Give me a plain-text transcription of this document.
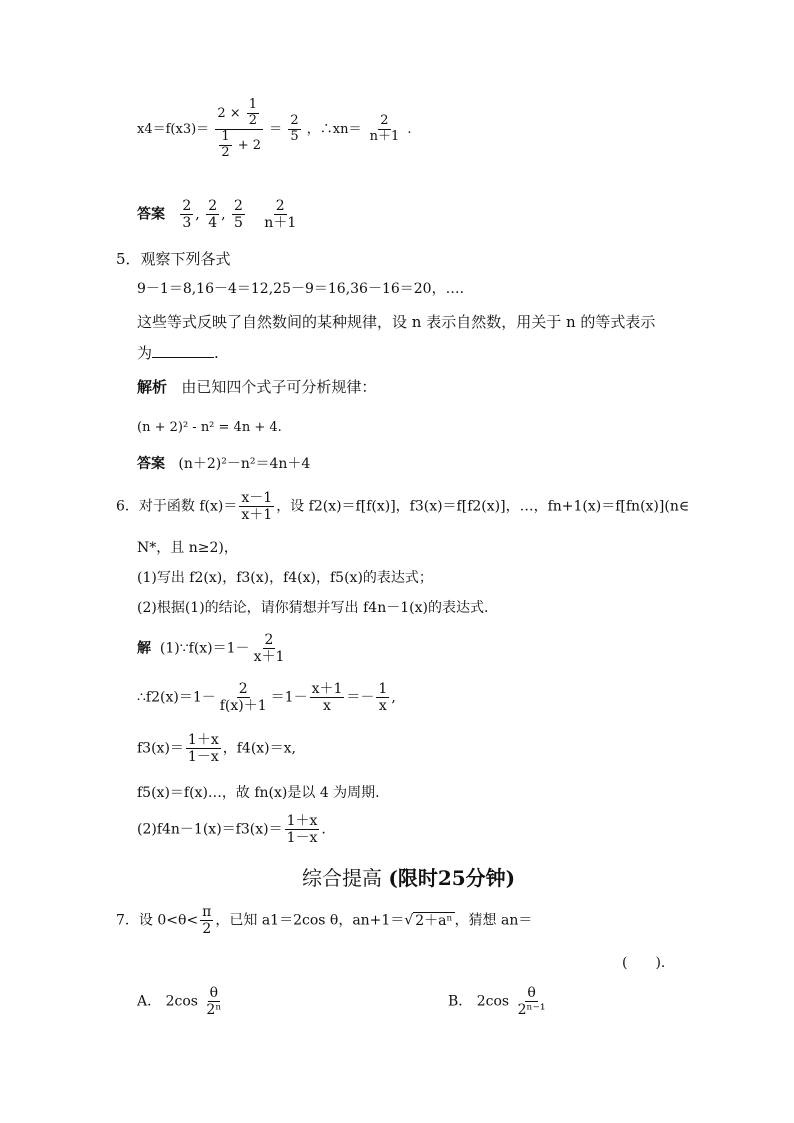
$x4=f(x3)= \frac{2 \times \frac{1}{2}}{\frac{1}{2} + 2} = \frac{2}{5}$ ，∴xn＝ $\frac{2}{n+1}$ .
答案 $\frac{2}{3}$ , $\frac{2}{4}$ , $\frac{2}{5}$
$\frac{2}{n+1}$
5．观察下列各式
9－1＝8,16－4＝12,25－9＝16,36－16＝20，….
这些等式反映了自然数间的某种规律，设 n 表示自然数，用关于 n 的等式表示
为	.
解析 由已知四个式子可分析规律：
(n + 2)² - n² = 4n + 4.
答案 (n＋2)²－n²＝4n＋4
6．对于函数 $f(x)= \frac{x-1}{x+1}$ ，设 f2(x)＝f[f(x)]，f3(x)＝f[f2(x)]，…，fn+1(x)＝f[fn(x)](n∈
N*，且 n≥2)，
(1)写出 f2(x)，f3(x)，f4(x)，f5(x)的表达式；
(2)根据(1)的结论，请你猜想并写出 f4n－1(x)的表达式.
解 (1)∵f(x)＝1－ $\frac{2}{x+1}$
∴f2(x)＝1－ $\frac{2}{f(x)+1} =1- \frac{x+1}{x} =- \frac{1}{x}$ ,
$f3(x)= \frac{1+x}{1-x}$ ，f4(x)＝x,
f5(x)＝f(x)…，故 fn(x)是以 4 为周期.
$(2)f4n-1(x)=f3(x)= \frac{1+x}{1-x}$ .
综合提高 (限时25分钟)
7．设 $0<\theta< \frac{\pi}{2}$ ，已知 a1＝2cos θ，an+1＝√ 2＋aⁿ ，猜想 an＝
(　　).
A． $2\cos \frac{\theta}{\text{2ⁿ}}$	B． $2\cos \frac{\theta}{\text{2ⁿ⁻¹}}$
